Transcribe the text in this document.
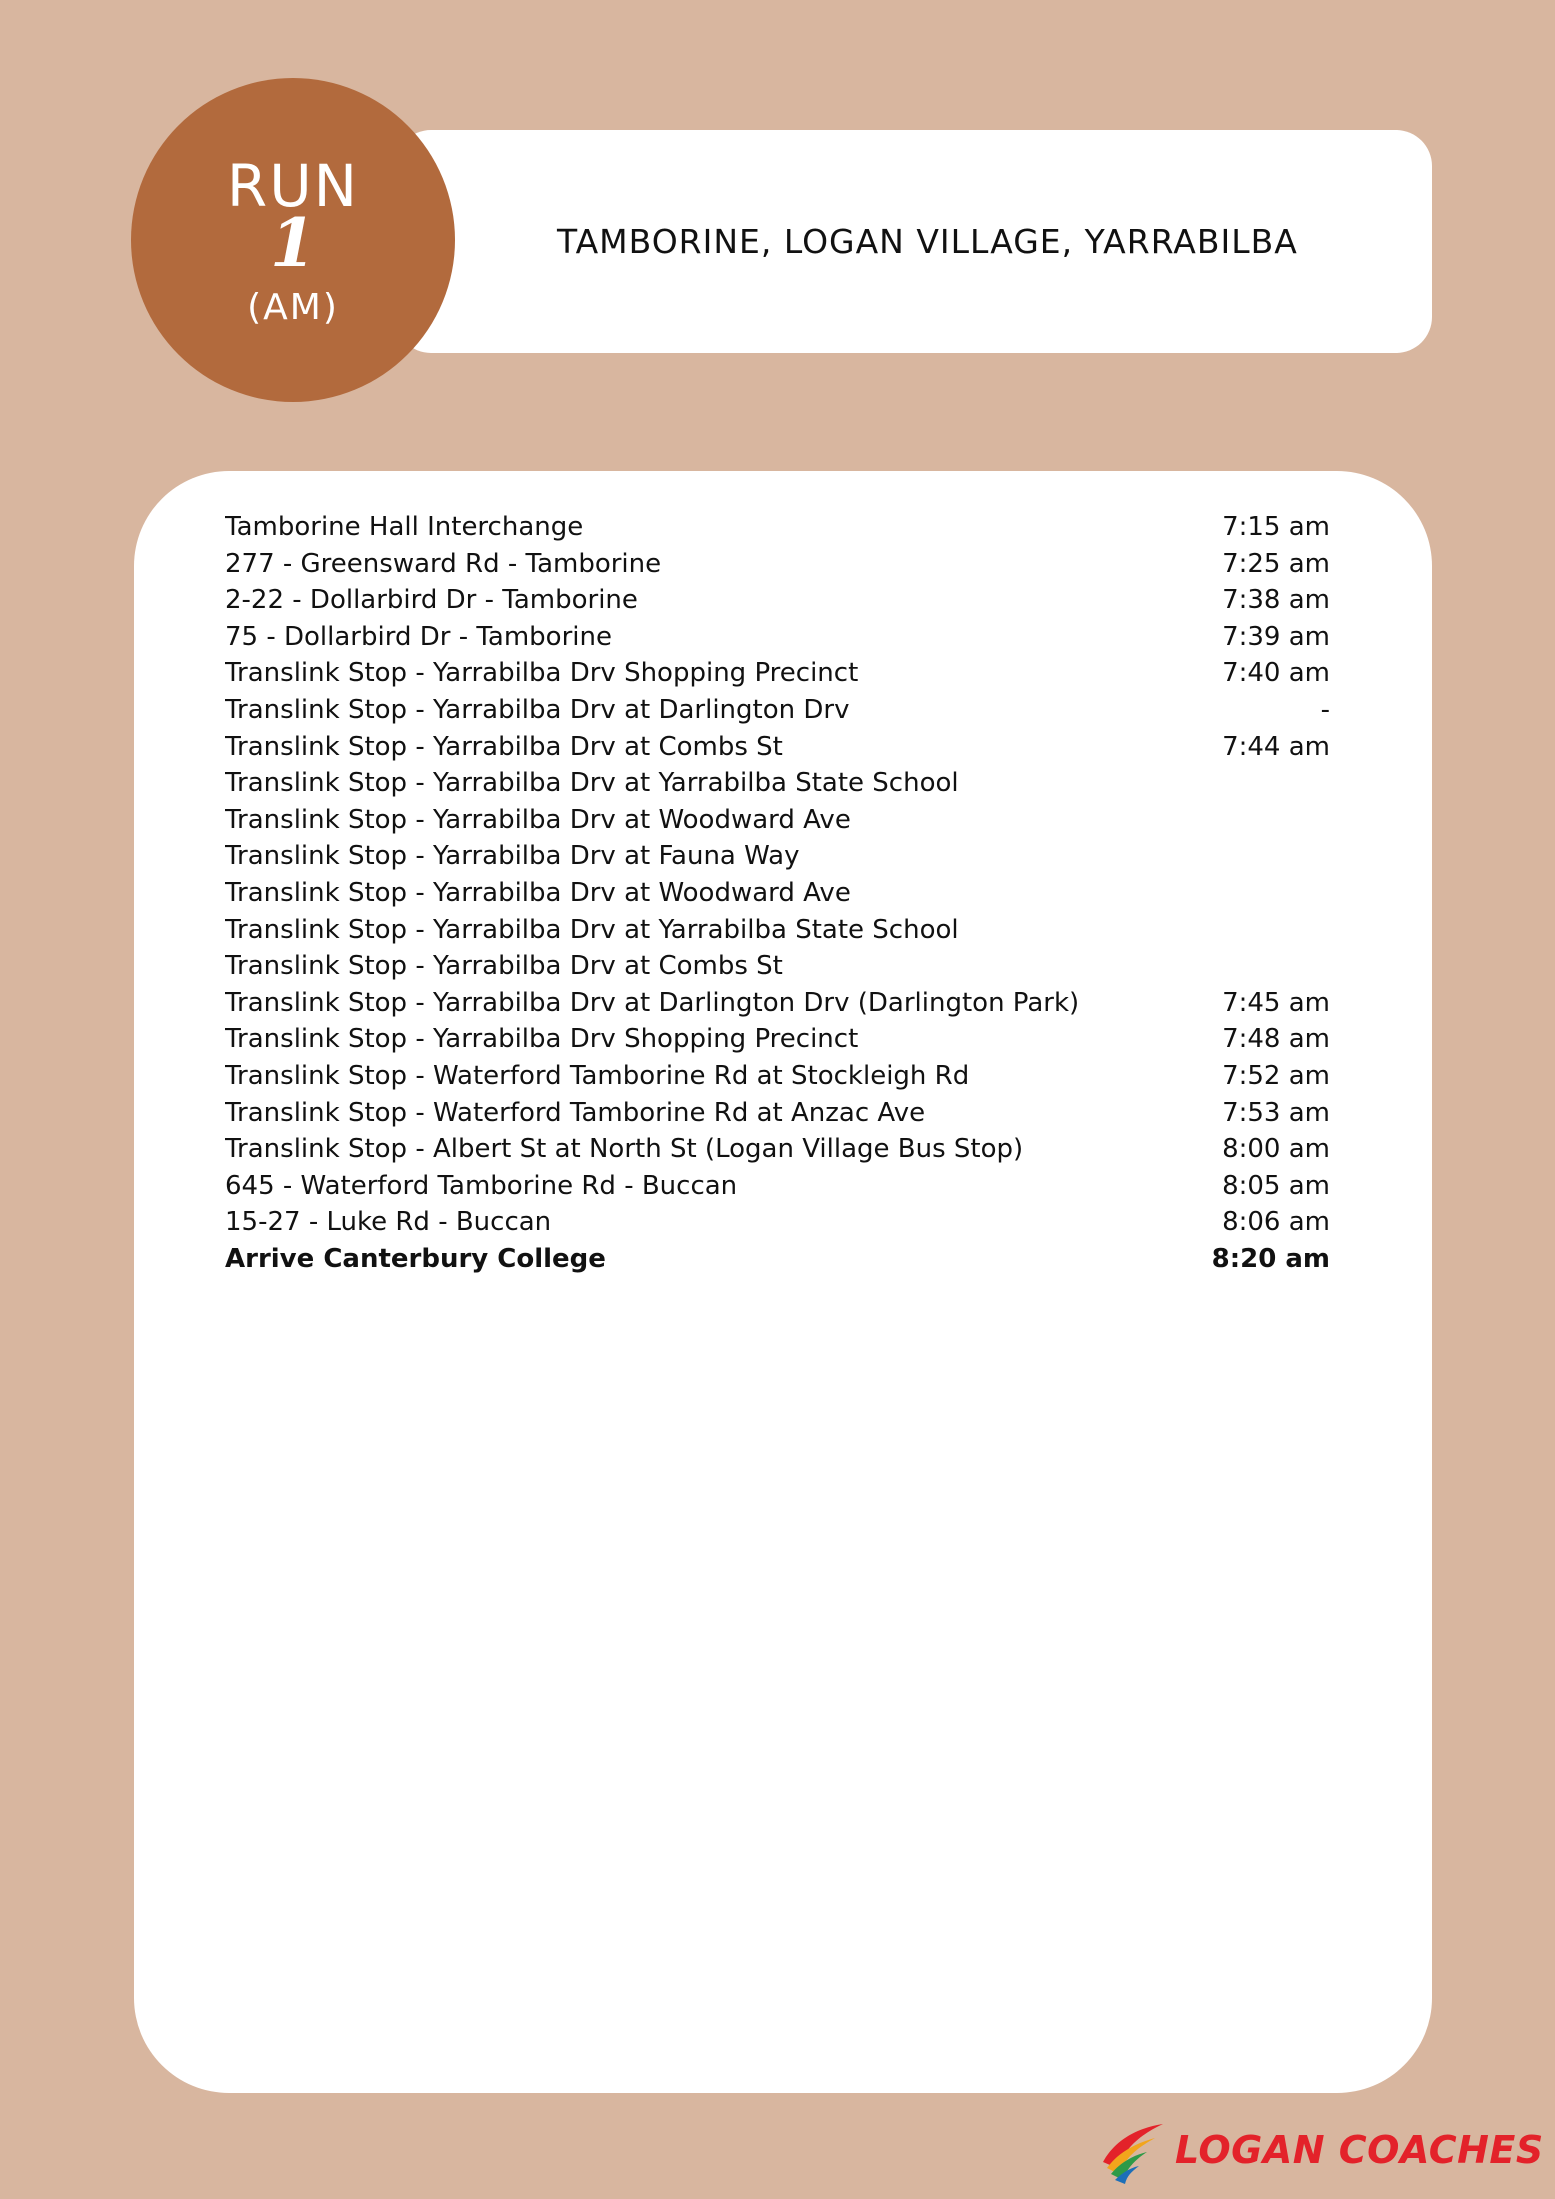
TAMBORINE, LOGAN VILLAGE, YARRABILBA
RUN
1
(AM)
Tamborine Hall Interchange	7:15 am
277 - Greensward Rd - Tamborine	7:25 am
2-22 - Dollarbird Dr - Tamborine	7:38 am
75 - Dollarbird Dr - Tamborine	7:39 am
Translink Stop - Yarrabilba Drv Shopping Precinct	7:40 am
Translink Stop - Yarrabilba Drv at Darlington Drv	-
Translink Stop - Yarrabilba Drv at Combs St	7:44 am
Translink Stop - Yarrabilba Drv at Yarrabilba State School
Translink Stop - Yarrabilba Drv at Woodward Ave
Translink Stop - Yarrabilba Drv at Fauna Way
Translink Stop - Yarrabilba Drv at Woodward Ave
Translink Stop - Yarrabilba Drv at Yarrabilba State School
Translink Stop - Yarrabilba Drv at Combs St
Translink Stop - Yarrabilba Drv at Darlington Drv (Darlington Park)	7:45 am
Translink Stop - Yarrabilba Drv Shopping Precinct	7:48 am
Translink Stop - Waterford Tamborine Rd at Stockleigh Rd	7:52 am
Translink Stop - Waterford Tamborine Rd at Anzac Ave	7:53 am
Translink Stop - Albert St at North St (Logan Village Bus Stop)	8:00 am
645 - Waterford Tamborine Rd - Buccan	8:05 am
15-27 - Luke Rd - Buccan	8:06 am
Arrive Canterbury College	8:20 am
LOGAN COACHES
